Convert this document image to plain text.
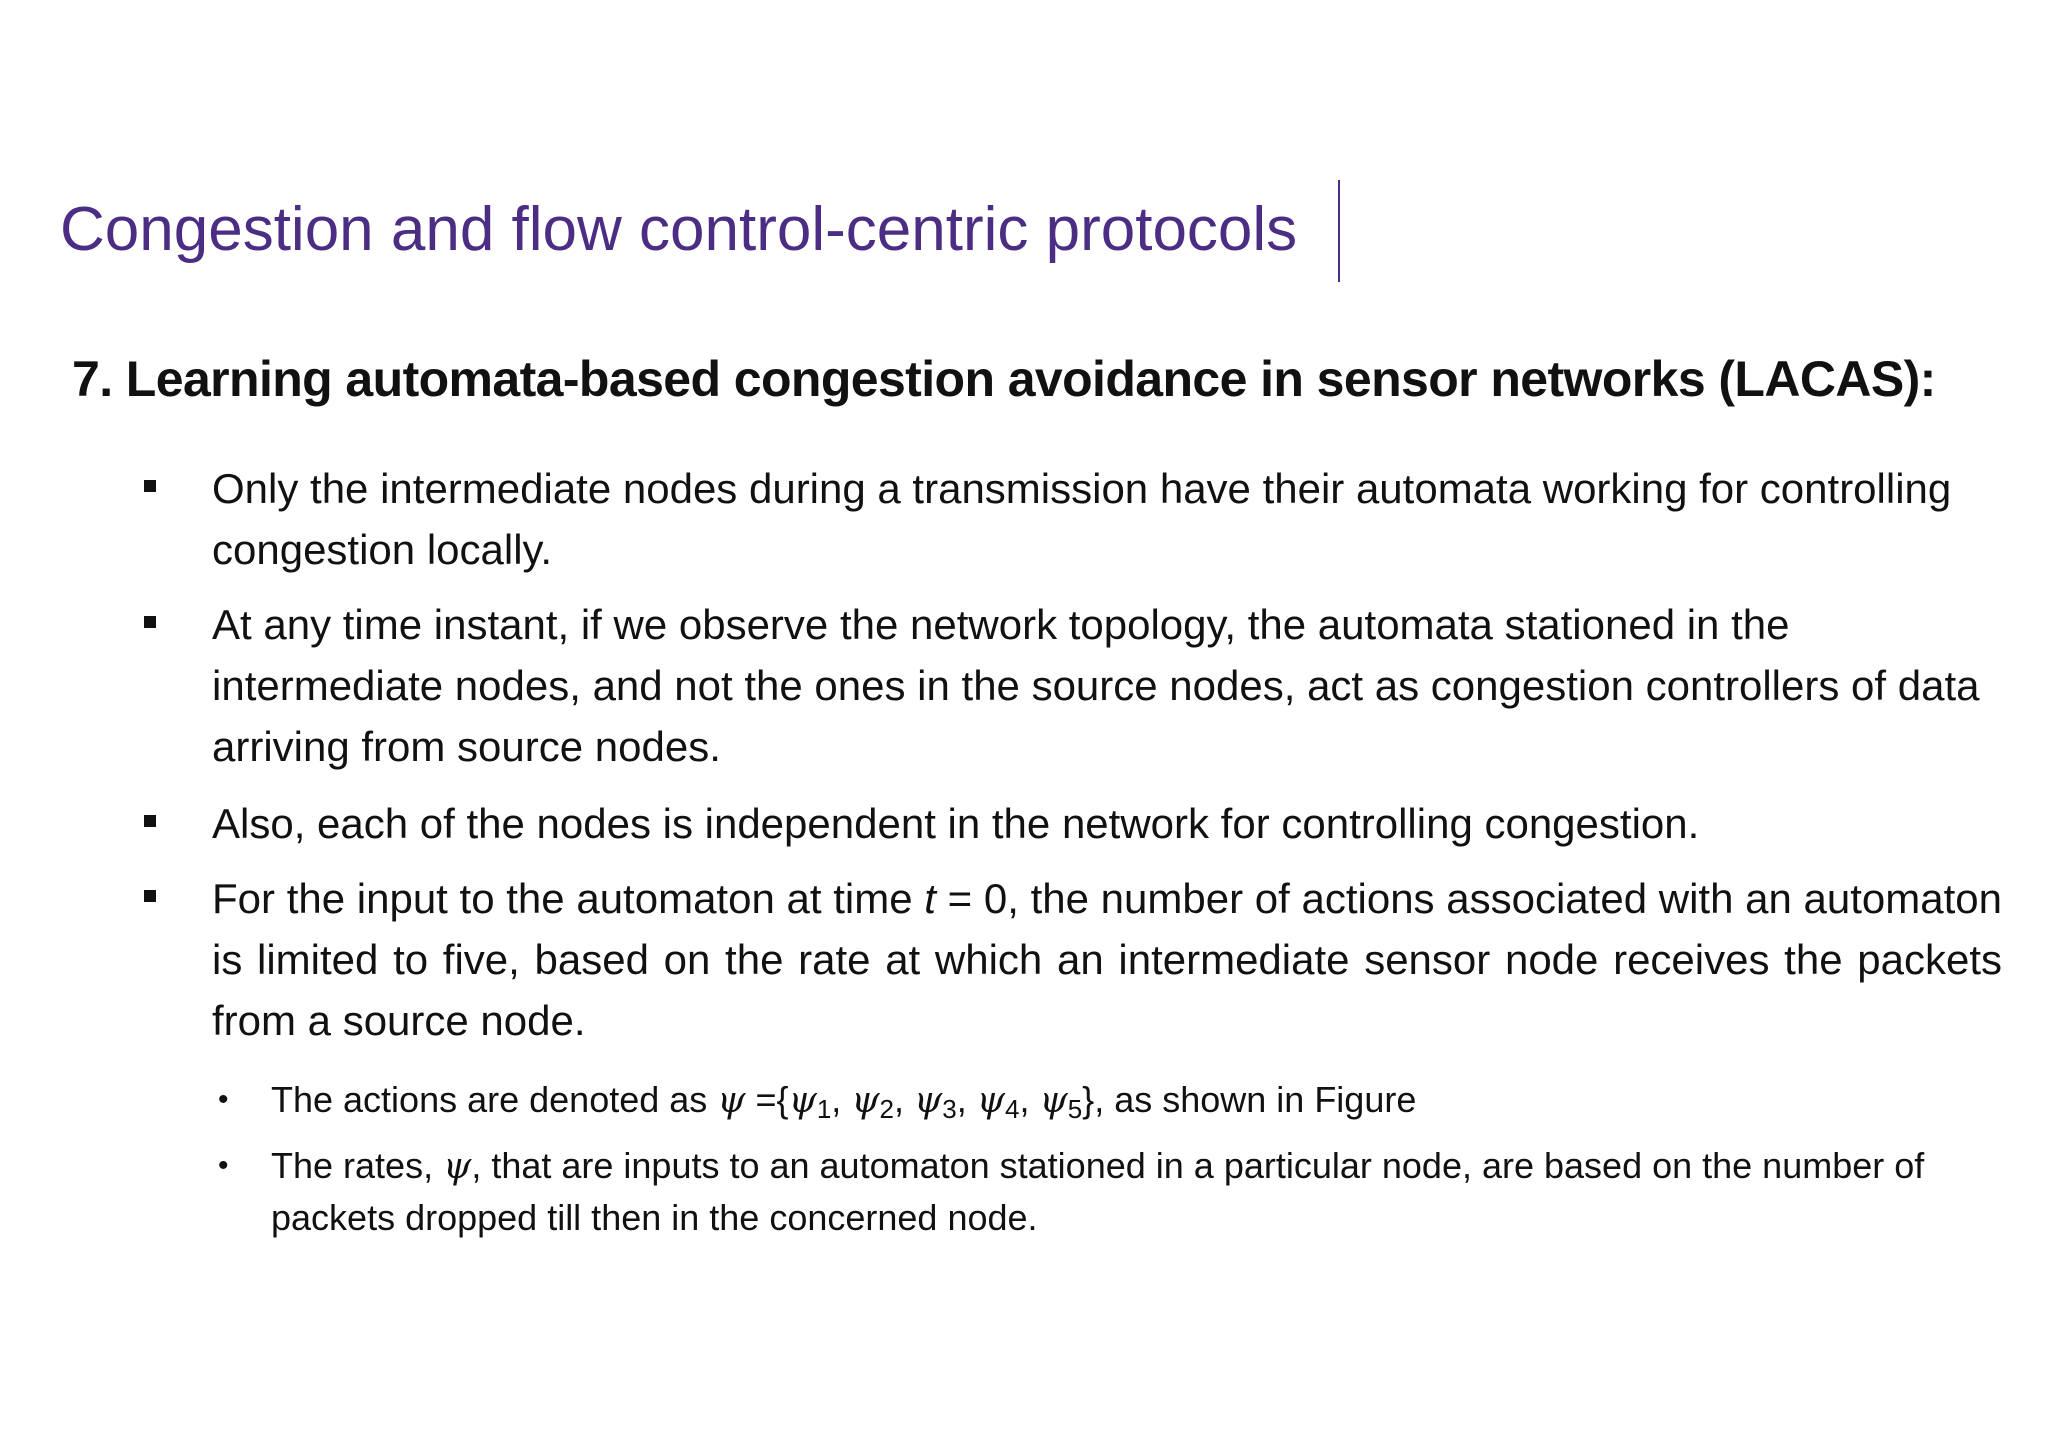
Congestion and flow control-centric protocols
7. Learning automata-based congestion avoidance in sensor networks (LACAS):
Only the intermediate nodes during a transmission have their automata working for controlling congestion locally.
At any time instant, if we observe the network topology, the automata stationed in the intermediate nodes, and not the ones in the source nodes, act as congestion controllers of data arriving from source nodes.
Also, each of the nodes is independent in the network for controlling congestion.
For the input to the automaton at time t = 0, the number of actions associated with an automaton is limited to five, based on the rate at which an intermediate sensor node receives the packets from a source node.
• The actions are denoted as $\psi =\{\psi_1$, $\psi_2$, $\psi_3$, $\psi_4$, $\psi_5$}, as shown in Figure
• The rates, ψ, that are inputs to an automaton stationed in a particular node, are based on the number of packets dropped till then in the concerned node.
